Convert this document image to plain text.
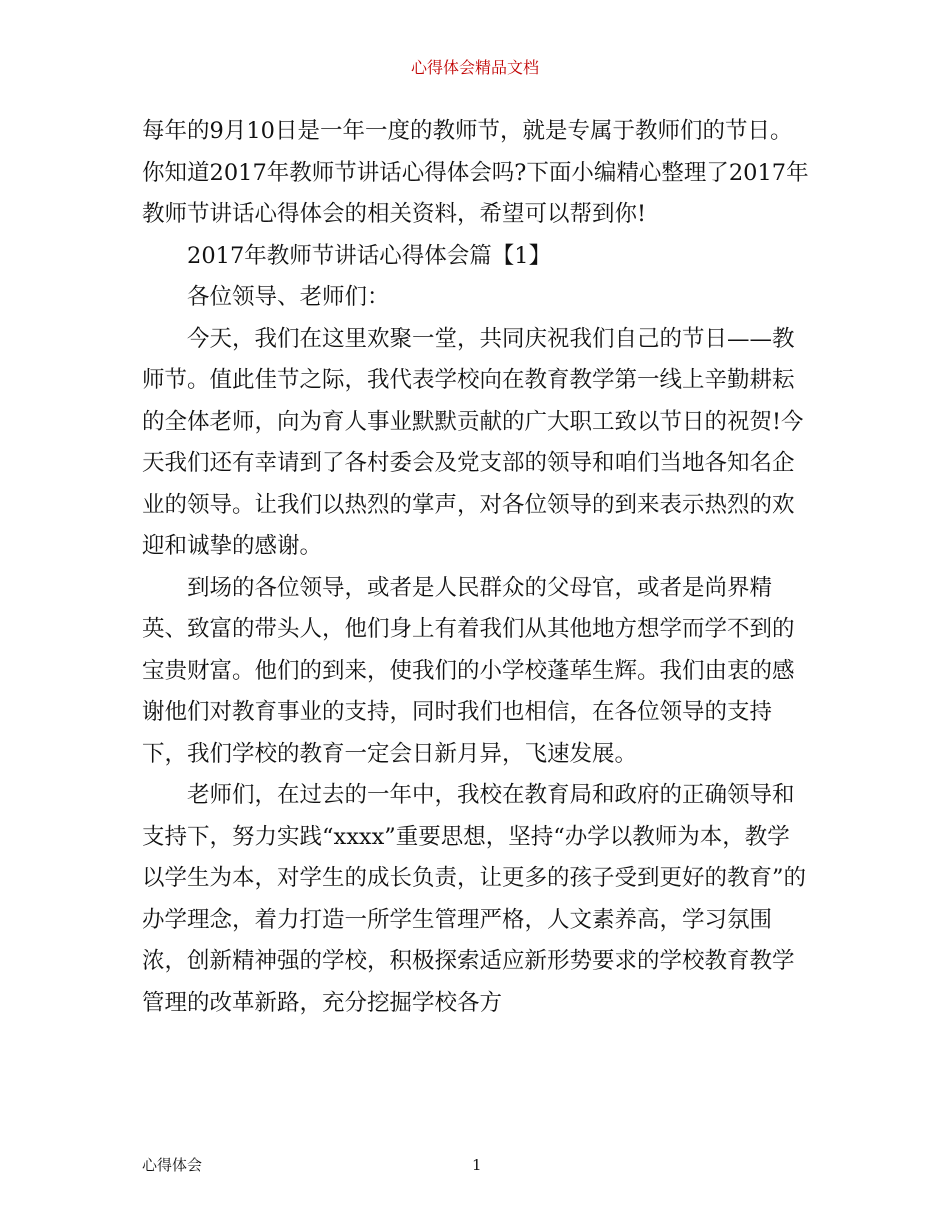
心得体会精品文档

每年的9月10日是一年一度的教师节，就是专属于教师们的节日。你知道2017年教师节讲话心得体会吗?下面小编精心整理了2017年教师节讲话心得体会的相关资料，希望可以帮到你!

2017年教师节讲话心得体会篇【1】

各位领导、老师们：

今天，我们在这里欢聚一堂，共同庆祝我们自己的节日——教师节。值此佳节之际，我代表学校向在教育教学第一线上辛勤耕耘的全体老师，向为育人事业默默贡献的广大职工致以节日的祝贺!今天我们还有幸请到了各村委会及党支部的领导和咱们当地各知名企业的领导。让我们以热烈的掌声，对各位领导的到来表示热烈的欢迎和诚挚的感谢。

到场的各位领导，或者是人民群众的父母官，或者是尚界精英、致富的带头人，他们身上有着我们从其他地方想学而学不到的宝贵财富。他们的到来，使我们的小学校蓬荜生辉。我们由衷的感谢他们对教育事业的支持，同时我们也相信，在各位领导的支持下，我们学校的教育一定会日新月异，飞速发展。

老师们，在过去的一年中，我校在教育局和政府的正确领导和支持下，努力实践“xxxx”重要思想，坚持“办学以教师为本，教学以学生为本，对学生的成长负责，让更多的孩子受到更好的教育”的办学理念，着力打造一所学生管理严格，人文素养高，学习氛围浓，创新精神强的学校，积极探索适应新形势要求的学校教育教学管理的改革新路，充分挖掘学校各方

心得体会	1
